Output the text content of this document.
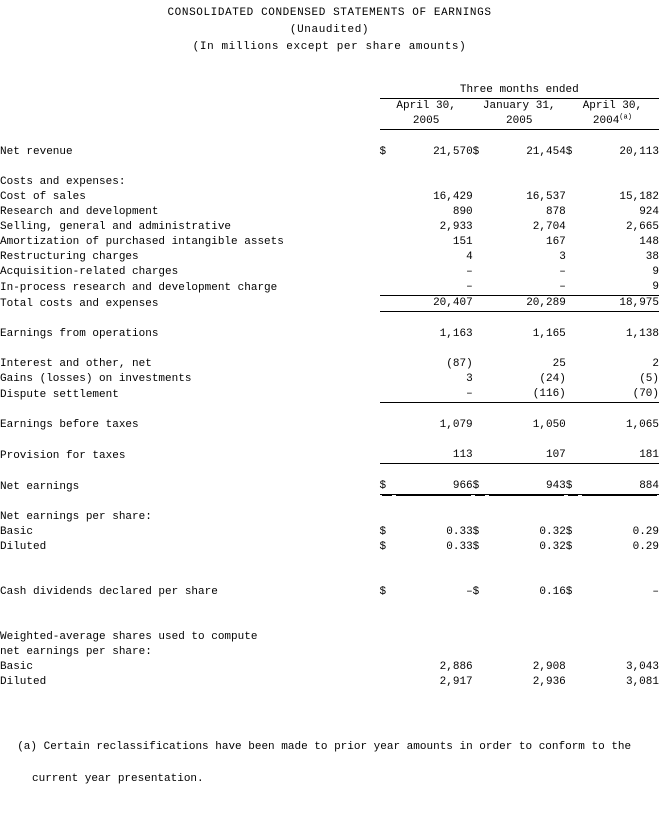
CONSOLIDATED CONDENSED STATEMENTS OF EARNINGS
(Unaudited)
(In millions except per share amounts)
	Three months ended					
	April 30,		January 31,		April 30,	
	2005		2005		2004$^{(a)}$

Net revenue	$	21,570	$	21,454	$	20,113

Costs and expenses:						
Cost of sales		16,429		16,537		15,182
Research and development		890		878		924
Selling, general and administrative		2,933		2,704		2,665
Amortization of purchased intangible assets		151		167		148
Restructuring charges		4		3		38
Acquisition-related charges		–		–		9
In-process research and development charge		–		–		9
Total costs and expenses		20,407		20,289		18,975

Earnings from operations		1,163		1,165		1,138

Interest and other, net		(87)		25		2
Gains (losses) on investments		3		(24)		(5)
Dispute settlement		–		(116)		(70)

Earnings before taxes		1,079		1,050		1,065

Provision for taxes		113		107		181

Net earnings	$	966	$	943	$	884

Net earnings per share:						
Basic	$	0.33	$	0.32	$	0.29
Diluted	$	0.33	$	0.32	$	0.29

Cash dividends declared per share	$	–	$	0.16	$	–

Weighted-average shares used to compute						
net earnings per share:						
Basic		2,886		2,908		3,043
Diluted		2,917		2,936		3,081

(a) Certain reclassifications have been made to prior year amounts in order to conform to the

current year presentation.
